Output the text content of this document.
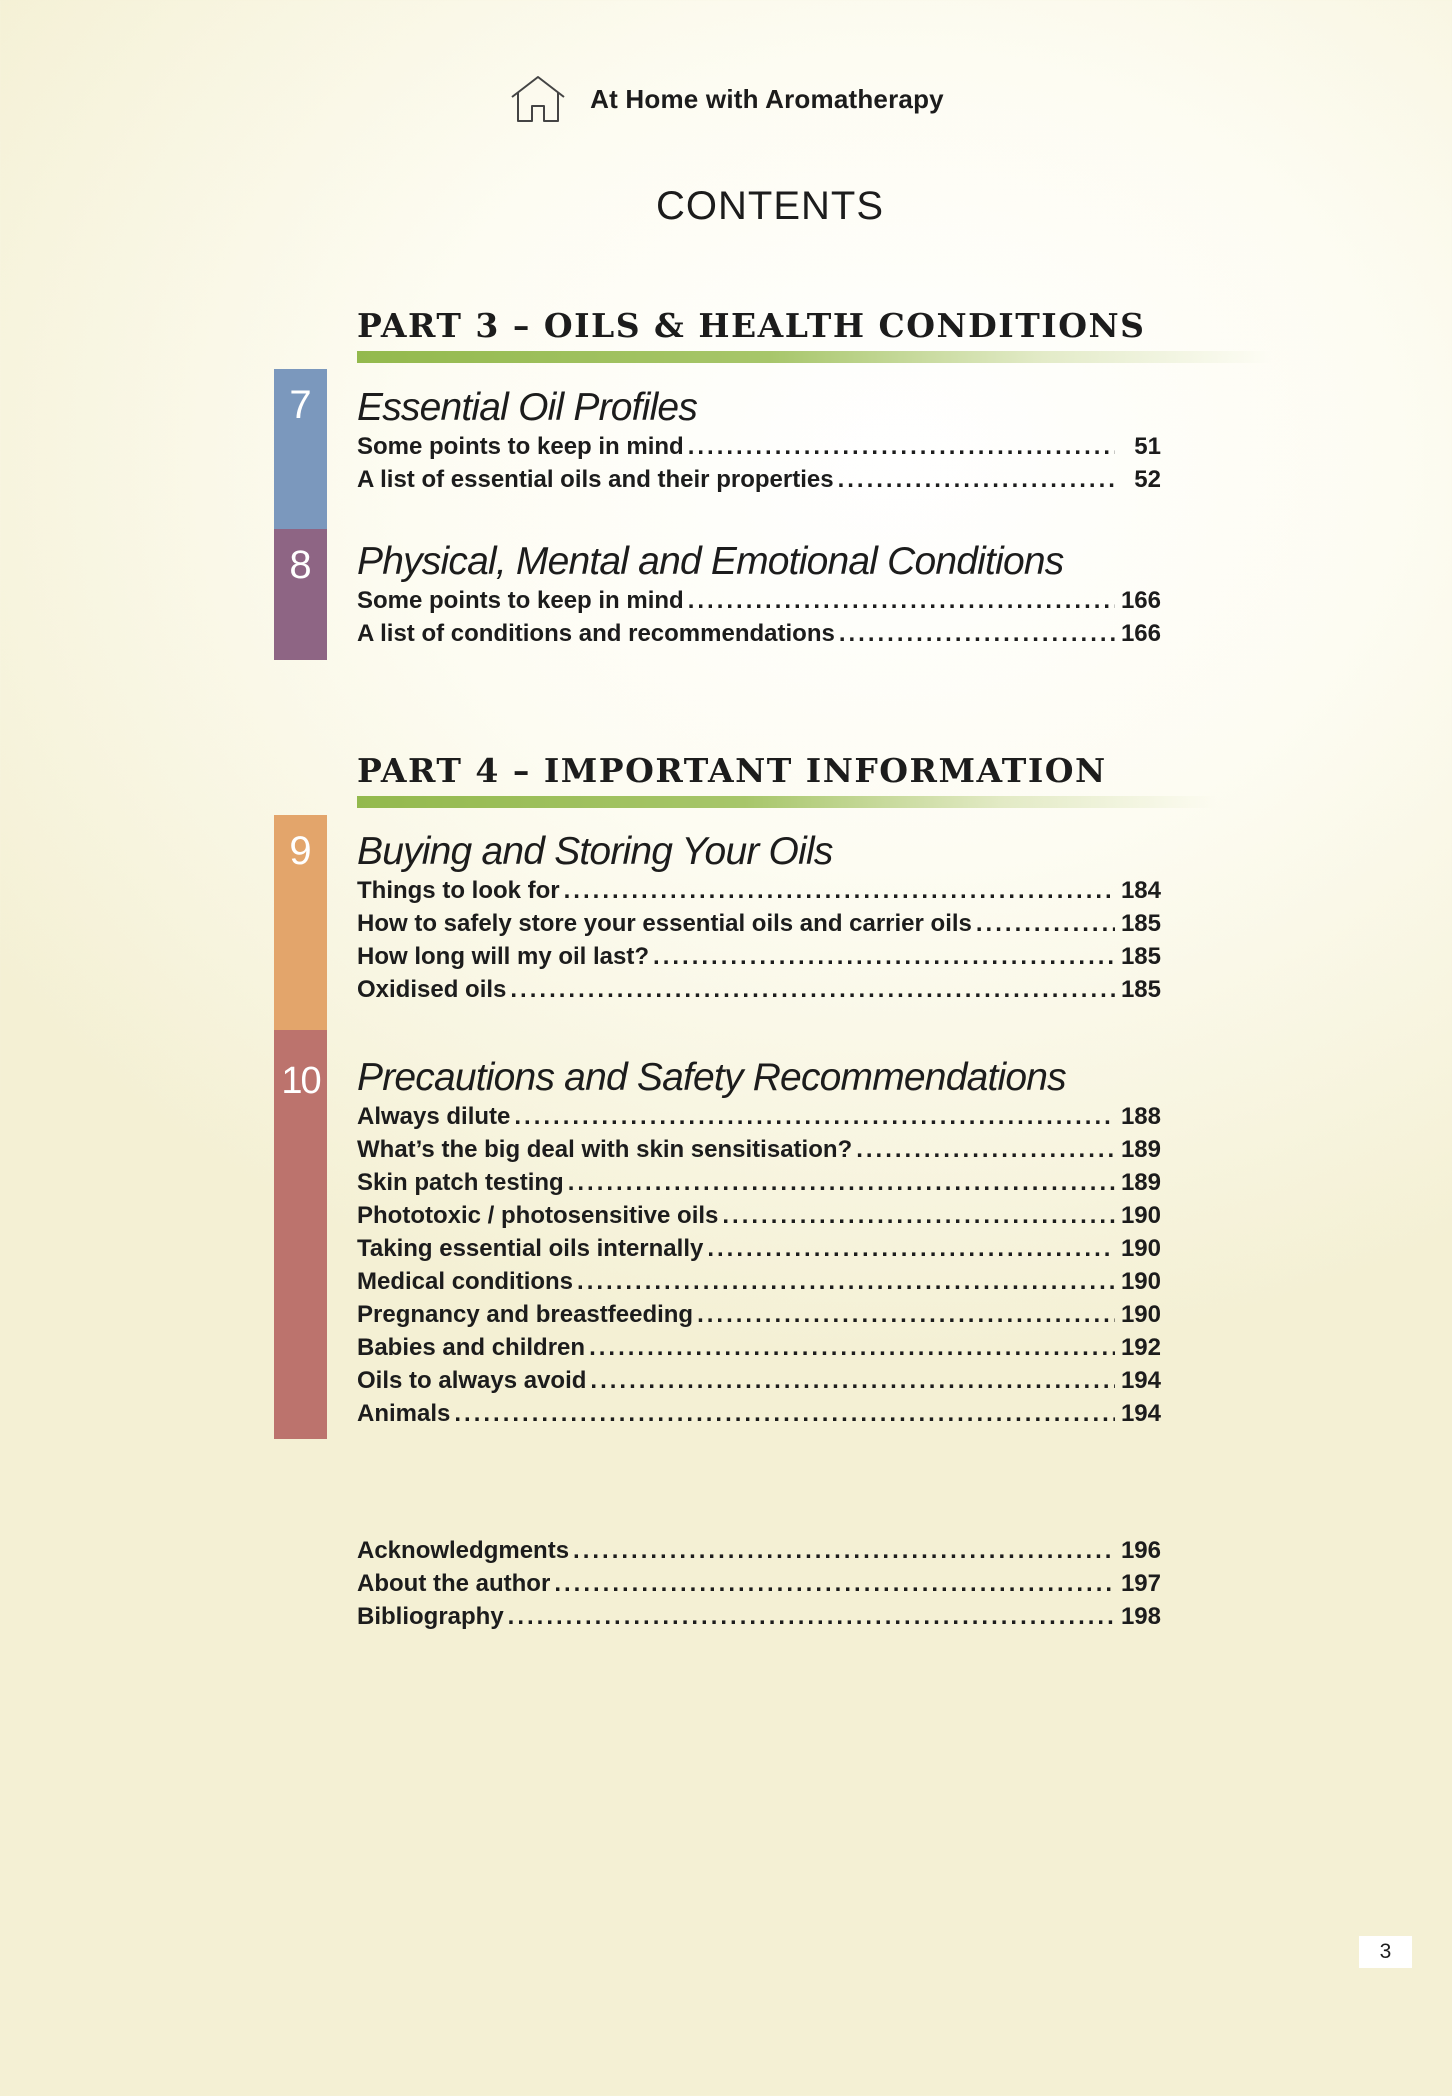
At Home with Aromatherapy
CONTENTS
PART 3 – OILS & HEALTH CONDITIONS
7	Essential Oil Profiles
Some points to keep in mind .....	51
A list of essential oils and their properties .....	52
8	Physical, Mental and Emotional Conditions
Some points to keep in mind .....	166
A list of conditions and recommendations .....	166
PART 4 – IMPORTANT INFORMATION
9	Buying and Storing Your Oils
Things to look for .....	184
How to safely store your essential oils and carrier oils .....	185
How long will my oil last? .....	185
Oxidised oils .....	185
10 Precautions and Safety Recommendations
Always dilute .....	188
What’s the big deal with skin sensitisation? .....	189
Skin patch testing .....	189
Phototoxic / photosensitive oils .....	190
Taking essential oils internally .....	190
Medical conditions .....	190
Pregnancy and breastfeeding .....	190
Babies and children .....	192
Oils to always avoid .....	194
Animals .....	194
Acknowledgments .....	196
About the author .....	197
Bibliography .....	198
3
